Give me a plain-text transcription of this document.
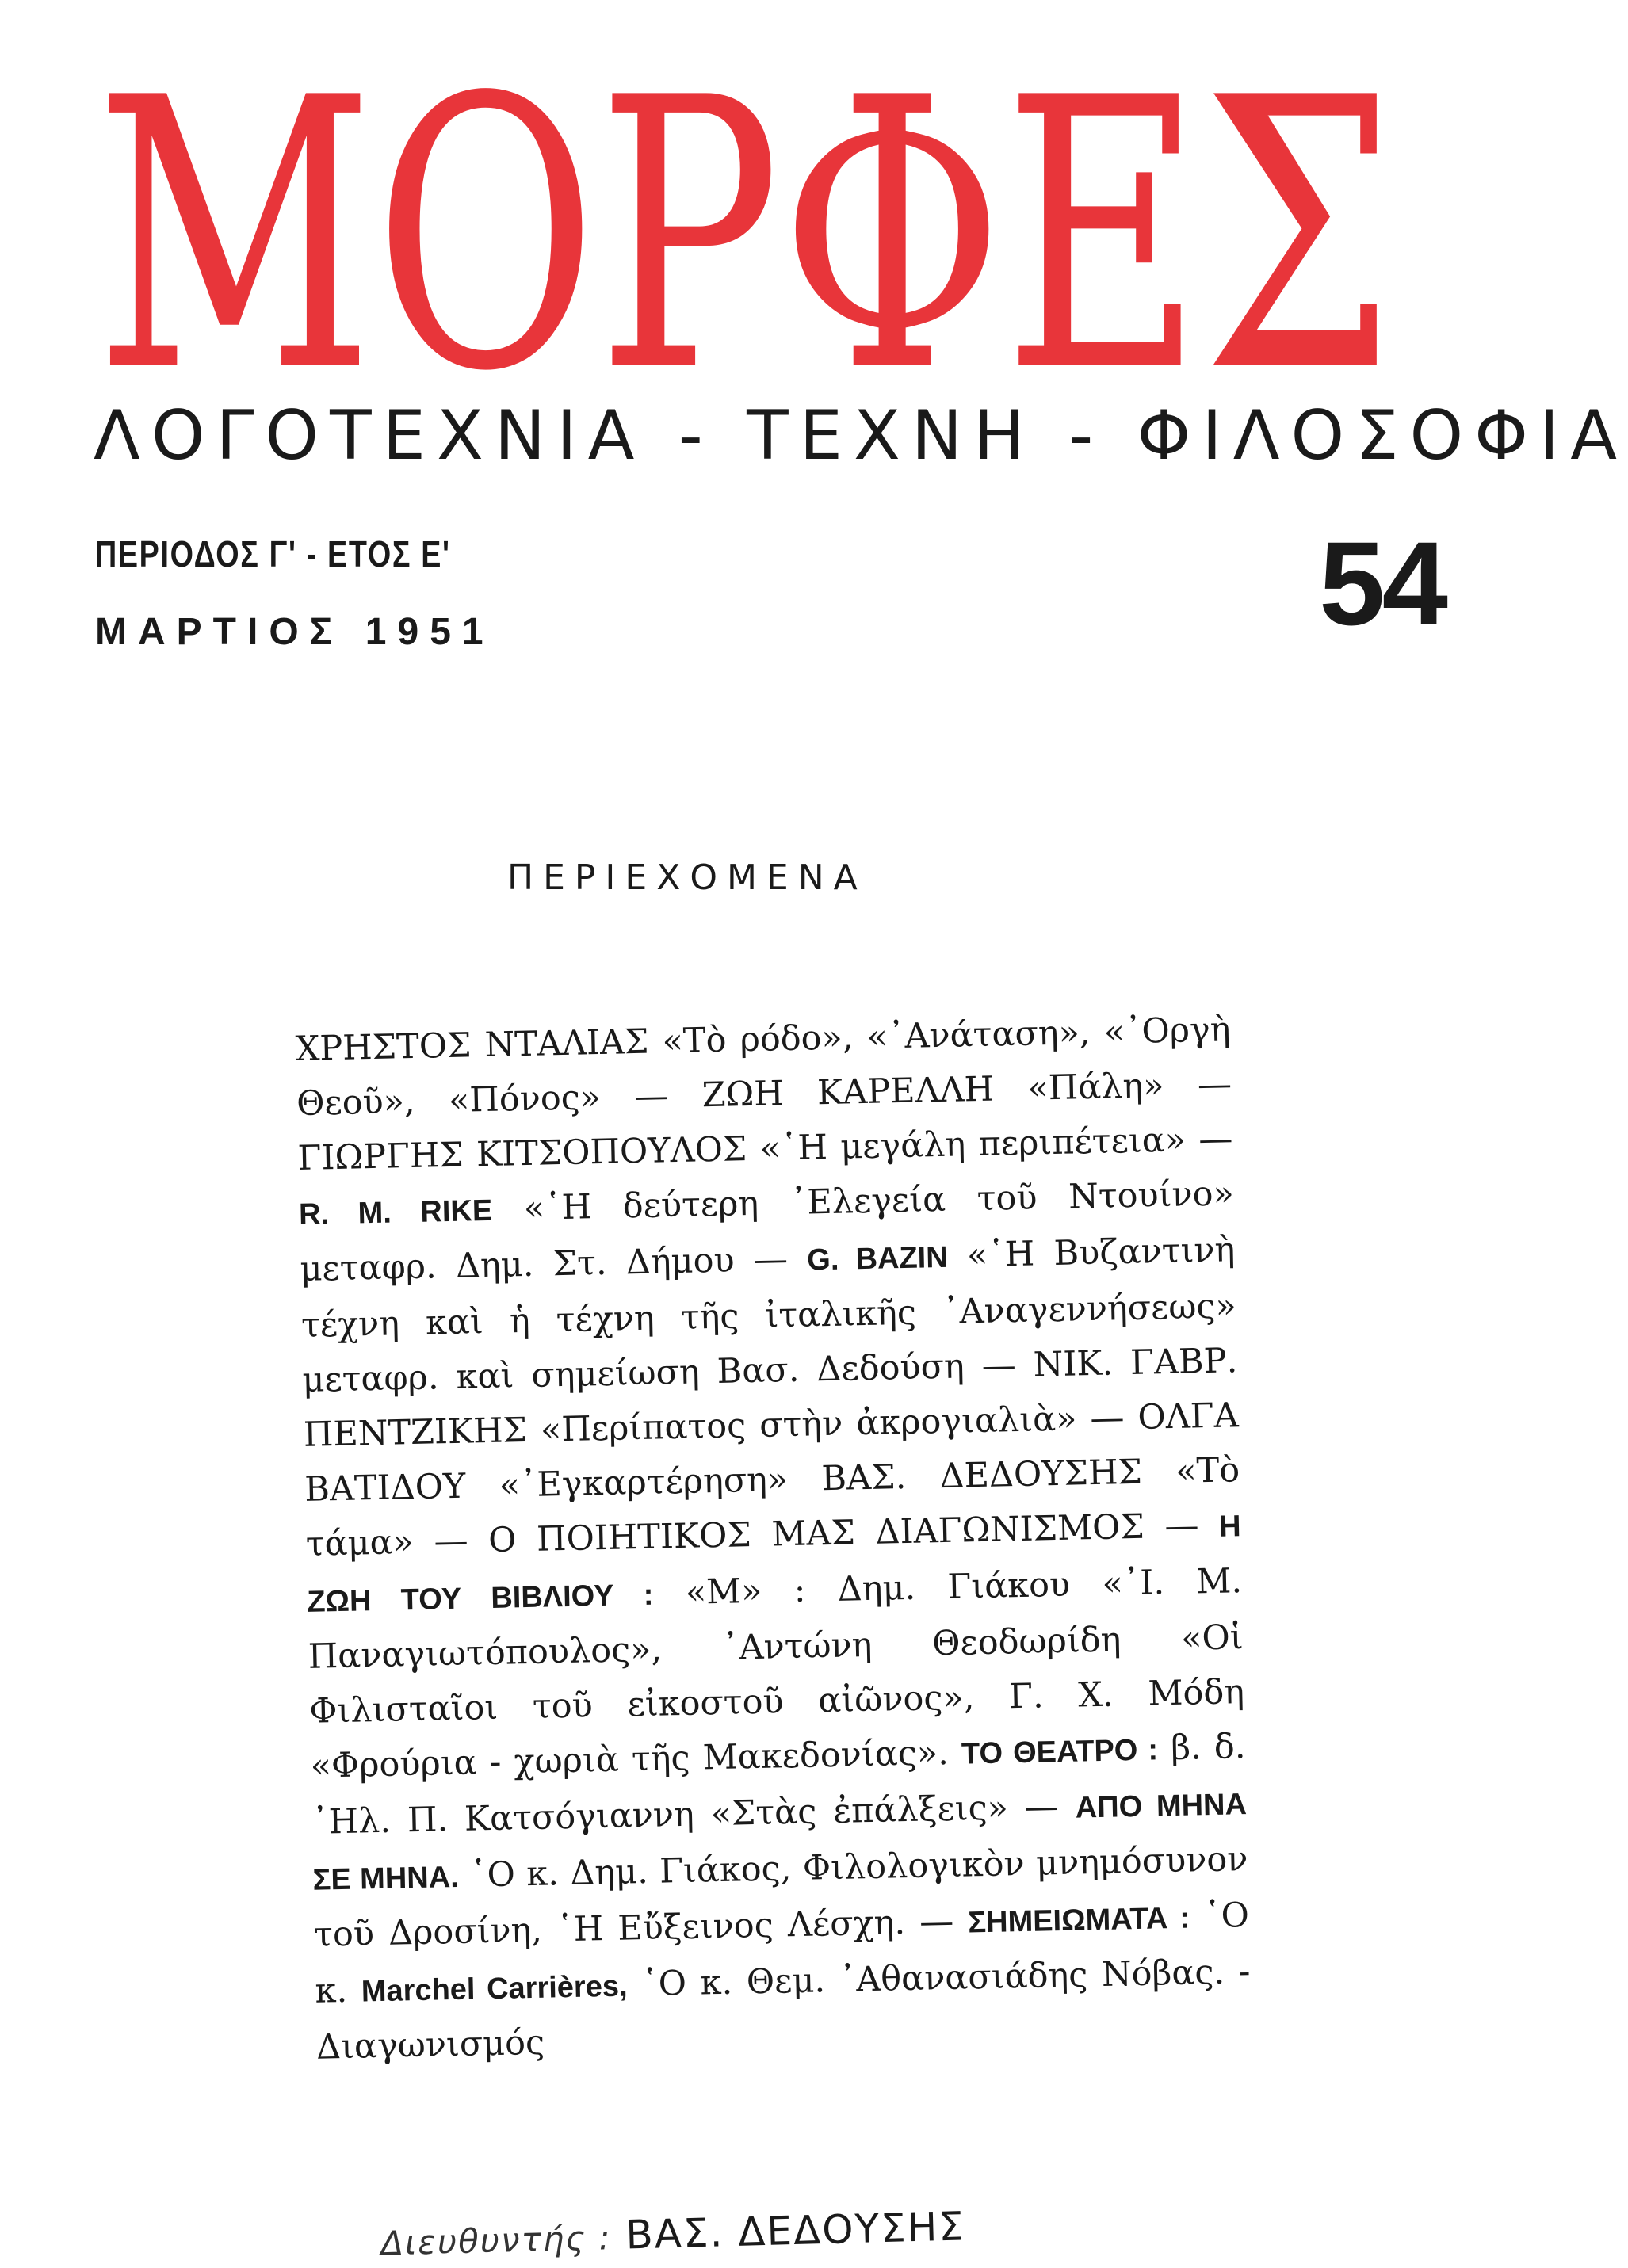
ΜΟΡΦΕΣ
ΛΟΓΟΤΕΧΝΙΑ - ΤΕΧΝΗ - ΦΙΛΟΣΟΦΙΑ
ΠΕΡΙΟΔΟΣ Γ' - ΕΤΟΣ Ε'
ΜΑΡΤΙΟΣ 1951	54
ΠΕΡΙΕΧΟΜΕΝΑ
ΧΡΗΣΤΟΣ ΝΤΑΛΙΑΣ «Τὸ ρόδο», «᾿Ανάταση», «᾿Οργὴ Θεοῦ», «Πόνος» — ΖΩΗ ΚΑΡΕΛΛΗ «Πάλη» — ΓΙΩΡΓΗΣ ΚΙΤΣΟΠΟΥΛΟΣ «῾Η μεγάλη περιπέτεια» — R. M. RIKE «῾Η δεύτερη ᾿Ελεγεία τοῦ Ντουίνο» μεταφρ. Δημ. Στ. Δήμου — G. BAZIN «῾Η Βυζαντινὴ τέχνη καὶ ἡ τέχνη τῆς ἰταλικῆς ᾿Αναγεννήσεως» μεταφρ. καὶ σημείωση Βασ. Δεδούση — ΝΙΚ. ΓΑΒΡ. ΠΕΝΤΖΙΚΗΣ «Περίπατος στὴν ἀκρογιαλιὰ» — ΟΛΓΑ ΒΑΤΙΔΟΥ «᾿Εγκαρτέρηση» ΒΑΣ. ΔΕΔΟΥΣΗΣ «Τὸ τάμα» — Ο ΠΟΙΗΤΙΚΟΣ ΜΑΣ ΔΙΑΓΩΝΙΣΜΟΣ — Η ΖΩΗ ΤΟΥ ΒΙΒΛΙΟΥ : «Μ» : Δημ. Γιάκου «᾿Ι. Μ. Παναγιωτόπουλος», ᾿Αντώνη Θεοδωρίδη «Οἱ Φιλισταῖοι τοῦ εἰκοστοῦ αἰῶνος», Γ. Χ. Μόδη «Φρούρια - χωριὰ τῆς Μακεδονίας». ΤΟ ΘΕΑΤΡΟ : β. δ. ᾿Ηλ. Π. Κατσόγιαννη «Στὰς ἐπάλξεις» — ΑΠΟ ΜΗΝΑ ΣΕ ΜΗΝΑ. ῾Ο κ. Δημ. Γιάκος, Φιλολογικὸν μνημόσυνον τοῦ Δροσίνη, ῾Η Εὔξεινος Λέσχη. — ΣΗΜΕΙΩΜΑΤΑ : ῾Ο κ. Marchel Carrières, ῾Ο κ. Θεμ. ᾿Αθανασιάδης Νόβας. - Διαγωνισμός
Διευθυντής : ΒΑΣ. ΔΕΔΟΥΣΗΣ
